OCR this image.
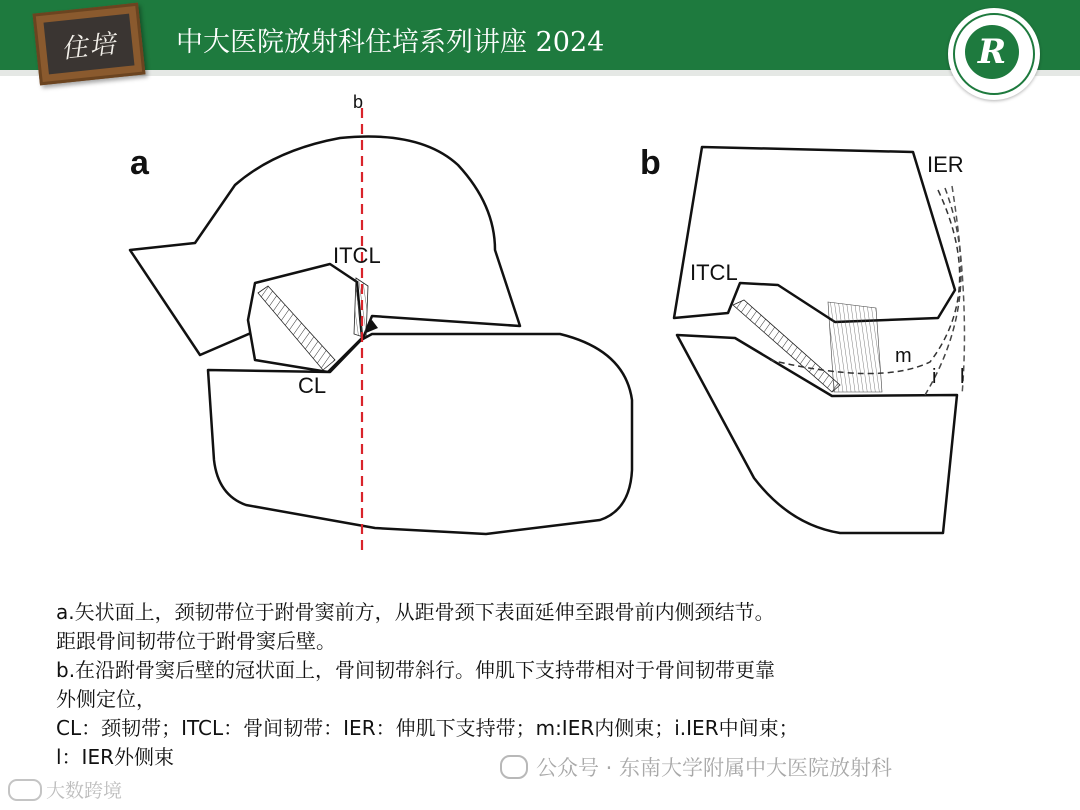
住培 中大医院放射科住培系列讲座 2024	R
a
b
ITCL
CL
b	IER
ITCL
m
i l

a.矢状面上，颈韧带位于跗骨窦前方，从距骨颈下表面延伸至跟骨前内侧颈结节。

距跟骨间韧带位于跗骨窦后壁。

b.在沿跗骨窦后壁的冠状面上，骨间韧带斜行。伸肌下支持带相对于骨间韧带更靠

外侧定位，

CL：颈韧带；ITCL：骨间韧带：IER：伸肌下支持带；m:IER内侧束；i.IER中间束；

l：IER外侧束	公众号 · 东南大学附属中大医院放射科
大数跨境
